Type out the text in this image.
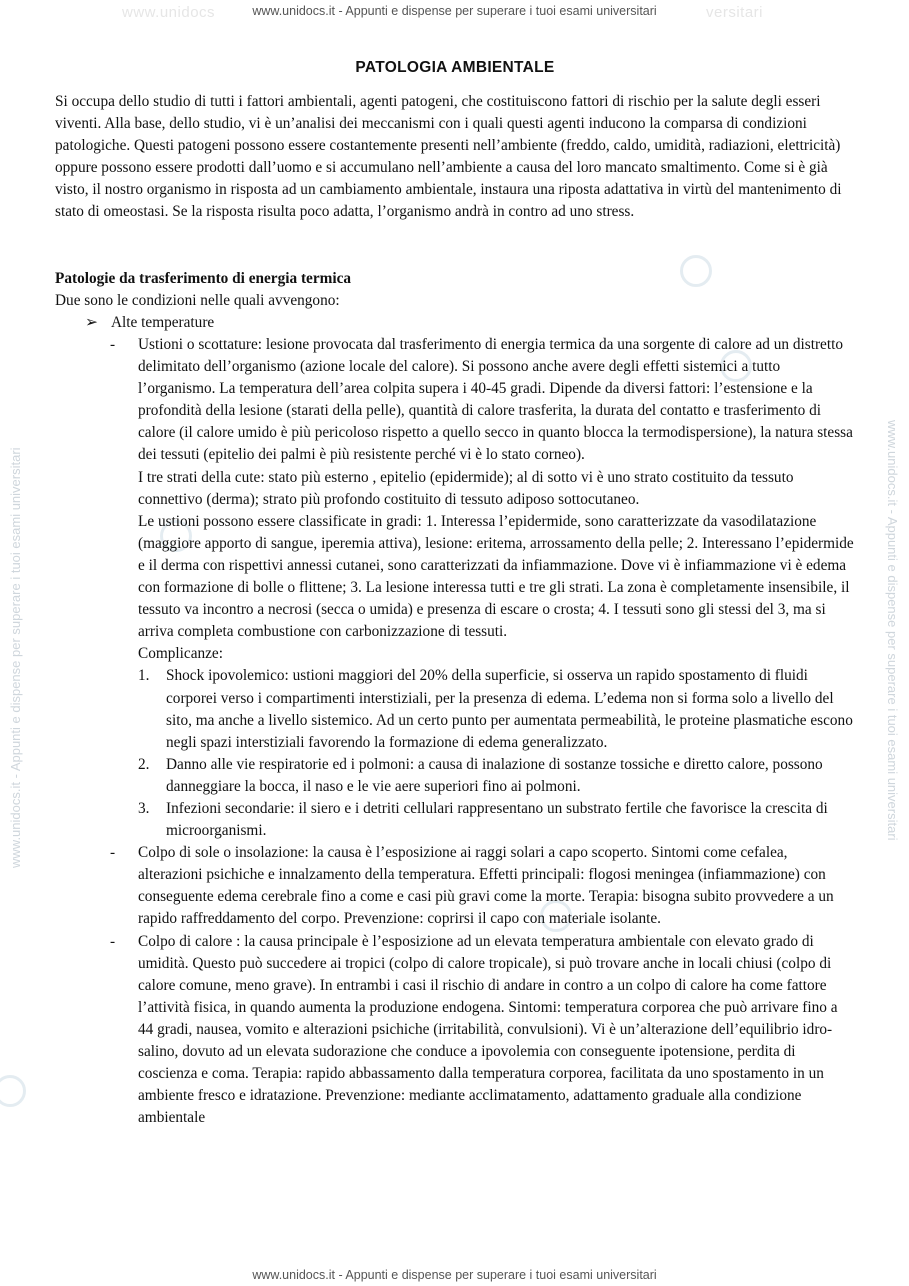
www.unidocs	versitari
www.unidocs.it - Appunti e dispense per superare i tuoi esami universitari
www.unidocs.it - Appunti e dispense per superare i tuoi esami universitari	www.unidocs.it - Appunti e dispense per superare i tuoi esami universitari
PATOLOGIA AMBIENTALE

Si occupa dello studio di tutti i fattori ambientali, agenti patogeni, che costituiscono fattori di rischio per la salute degli esseri viventi. Alla base, dello studio, vi è un’analisi dei meccanismi con i quali questi agenti inducono la comparsa di condizioni patologiche. Questi patogeni possono essere costantemente presenti nell’ambiente (freddo, caldo, umidità, radiazioni, elettricità) oppure possono essere prodotti dall’uomo e si accumulano nell’ambiente a causa del loro mancato smaltimento. Come si è già visto, il nostro organismo in risposta ad un cambiamento ambientale, instaura una riposta adattativa in virtù del mantenimento di stato di omeostasi. Se la risposta risulta poco adatta, l’organismo andrà in contro ad uno stress.

Patologie da trasferimento di energia termica

Due sono le condizioni nelle quali avvengono:

➢ Alte temperature

- Ustioni o scottature: lesione provocata dal trasferimento di energia termica da una sorgente di calore ad un distretto delimitato dell’organismo (azione locale del calore). Si possono anche avere degli effetti sistemici a tutto l’organismo. La temperatura dell’area colpita supera i 40-45 gradi. Dipende da diversi fattori: l’estensione e la profondità della lesione (starati della pelle), quantità di calore trasferita, la durata del contatto e trasferimento di calore (il calore umido è più pericoloso rispetto a quello secco in quanto blocca la termodispersione), la natura stessa dei tessuti (epitelio dei palmi è più resistente perché vi è lo stato corneo).

I tre strati della cute: stato più esterno , epitelio (epidermide); al di sotto vi è uno strato costituito da tessuto connettivo (derma); strato più profondo costituito di tessuto adiposo sottocutaneo.

Le ustioni possono essere classificate in gradi: 1. Interessa l’epidermide, sono caratterizzate da vasodilatazione (maggiore apporto di sangue, iperemia attiva), lesione: eritema, arrossamento della pelle; 2. Interessano l’epidermide e il derma con rispettivi annessi cutanei, sono caratterizzati da infiammazione. Dove vi è infiammazione vi è edema con formazione di bolle o flittene; 3. La lesione interessa tutti e tre gli strati. La zona è completamente insensibile, il tessuto va incontro a necrosi (secca o umida) e presenza di escare o crosta; 4. I tessuti sono gli stessi del 3, ma si arriva completa combustione con carbonizzazione di tessuti.

Complicanze:

1. Shock ipovolemico: ustioni maggiori del 20% della superficie, si osserva un rapido spostamento di fluidi corporei verso i compartimenti interstiziali, per la presenza di edema. L’edema non si forma solo a livello del sito, ma anche a livello sistemico. Ad un certo punto per aumentata permeabilità, le proteine plasmatiche escono negli spazi interstiziali favorendo la formazione di edema generalizzato.
2. Danno alle vie respiratorie ed i polmoni: a causa di inalazione di sostanze tossiche e diretto calore, possono danneggiare la bocca, il naso e le vie aere superiori fino ai polmoni.
3. Infezioni secondarie: il siero e i detriti cellulari rappresentano un substrato fertile che favorisce la crescita di microorganismi.
- Colpo di sole o insolazione: la causa è l’esposizione ai raggi solari a capo scoperto. Sintomi come cefalea, alterazioni psichiche e innalzamento della temperatura. Effetti principali: flogosi meningea (infiammazione) con conseguente edema cerebrale fino a come e casi più gravi come la morte. Terapia: bisogna subito provvedere a un rapido raffreddamento del corpo. Prevenzione: coprirsi il capo con materiale isolante.

- Colpo di calore : la causa principale è l’esposizione ad un elevata temperatura ambientale con elevato grado di umidità. Questo può succedere ai tropici (colpo di calore tropicale), si può trovare anche in locali chiusi (colpo di calore comune, meno grave). In entrambi i casi il rischio di andare in contro a un colpo di calore ha come fattore l’attività fisica, in quando aumenta la produzione endogena. Sintomi: temperatura corporea che può arrivare fino a 44 gradi, nausea, vomito e alterazioni psichiche (irritabilità, convulsioni). Vi è un’alterazione dell’equilibrio idro-salino, dovuto ad un elevata sudorazione che conduce a ipovolemia con conseguente ipotensione, perdita di coscienza e coma. Terapia: rapido abbassamento dalla temperatura corporea, facilitata da uno spostamento in un ambiente fresco e idratazione. Prevenzione: mediante acclimatamento, adattamento graduale alla condizione ambientale

www.unidocs.it - Appunti e dispense per superare i tuoi esami universitari
